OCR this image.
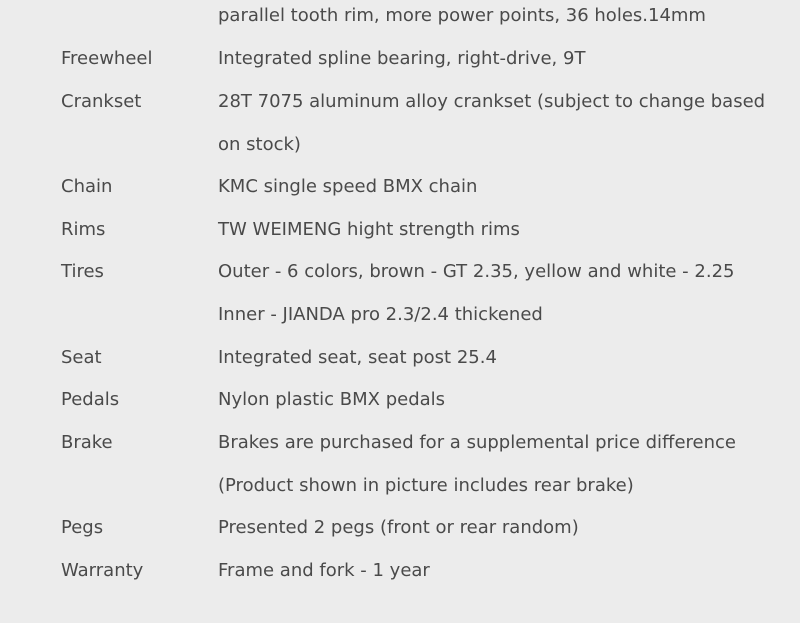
parallel tooth rim, more power points, 36 holes.14mm
Freewheel	Integrated spline bearing, right-drive, 9T
Crankset	28T 7075 aluminum alloy crankset (subject to change based
on stock)
Chain	KMC single speed BMX chain
Rims	TW WEIMENG hight strength rims
Tires	Outer - 6 colors, brown - GT 2.35, yellow and white - 2.25
Inner - JIANDA pro 2.3/2.4 thickened
Seat	Integrated seat, seat post 25.4
Pedals	Nylon plastic BMX pedals
Brake	Brakes are purchased for a supplemental price difference
(Product shown in picture includes rear brake)
Pegs	Presented 2 pegs (front or rear random)
Warranty	Frame and fork - 1 year
